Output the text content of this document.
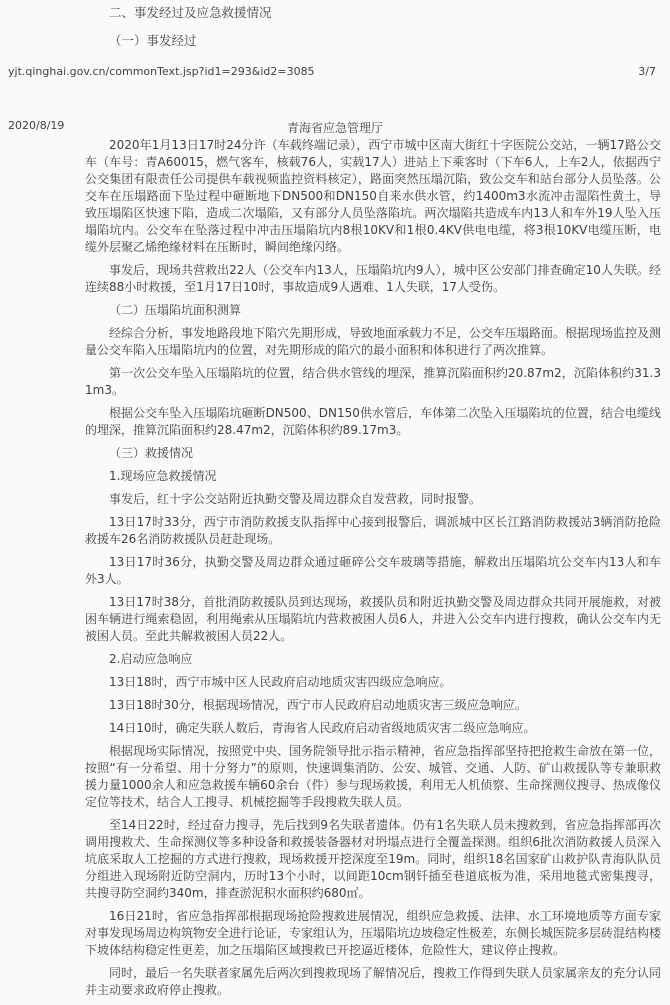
二、事发经过及应急救援情况

（一）事发经过

yjt.qinghai.gov.cn/commonText.jsp?id1=293&id2=3085	3/7
2020/8/19	青海省应急管理厅

2020年1月13日17时24分许（车载终端记录），西宁市城中区南大街红十字医院公交站，一辆17路公交车（车号：青A60015，燃气客车，核载76人，实载17人）进站上下乘客时（下车6人，上车2人，依据西宁公交集团有限责任公司提供车载视频监控资料核定），路面突然压塌沉陷，致公交车和站台部分人员坠落。公交车在压塌路面下坠过程中砸断地下DN500和DN150自来水供水管，约1400m3水流冲击湿陷性黄土，导致压塌陷区快速下陷，造成二次塌陷，又有部分人员坠落陷坑。两次塌陷共造成车内13人和车外19人坠入压塌陷坑内。公交车在坠落过程中冲击压塌陷坑内8根10KV和1根0.4KV供电电缆，将3根10KV电缆压断，电缆外层聚乙烯绝缘材料在压断时，瞬间绝缘闪络。

事发后，现场共营救出22人（公交车内13人，压塌陷坑内9人），城中区公安部门排查确定10人失联。经连续88小时救援，至1月17日10时，事故造成9人遇难、1人失联，17人受伤。

（二）压塌陷坑面积测算

经综合分析，事发地路段地下陷穴先期形成，导致地面承载力不足，公交车压塌路面。根据现场监控及测量公交车陷入压塌陷坑内的位置，对先期形成的陷穴的最小面积和体积进行了两次推算。

第一次公交车坠入压塌陷坑的位置，结合供水管线的埋深，推算沉陷面积约20.87m2，沉陷体积约31.31m3。

根据公交车坠入压塌陷坑砸断DN500、DN150供水管后，车体第二次坠入压塌陷坑的位置，结合电缆线的埋深，推算沉陷面积约28.47m2，沉陷体积约89.17m3。

（三）救援情况

1.现场应急救援情况

事发后，红十字公交站附近执勤交警及周边群众自发营救，同时报警。

13日17时33分，西宁市消防救援支队指挥中心接到报警后，调派城中区长江路消防救援站3辆消防抢险救援车26名消防救援队员赶赴现场。

13日17时36分，执勤交警及周边群众通过砸碎公交车玻璃等措施，解救出压塌陷坑公交车内13人和车外3人。

13日17时38分，首批消防救援队员到达现场，救援队员和附近执勤交警及周边群众共同开展施救，对被困车辆进行绳索稳固，利用绳索从压塌陷坑内营救被困人员6人，并进入公交车内进行搜救，确认公交车内无被困人员。至此共解救被困人员22人。

2.启动应急响应

13日18时，西宁市城中区人民政府启动地质灾害四级应急响应。

13日18时30分，根据现场情况，西宁市人民政府启动地质灾害三级应急响应。

14日10时，确定失联人数后，青海省人民政府启动省级地质灾害二级应急响应。

根据现场实际情况，按照党中央、国务院领导批示指示精神，省应急指挥部坚持把抢救生命放在第一位，按照“有一分希望、用十分努力”的原则，快速调集消防、公安、城管、交通、人防、矿山救援队等专兼职救援力量1000余人和应急救援车辆60余台（件）参与现场救援，利用无人机侦察、生命探测仪搜寻、热成像仪定位等技术，结合人工搜寻、机械挖掘等手段搜救失联人员。

至14日22时，经过奋力搜寻，先后找到9名失联者遗体。仍有1名失联人员未搜救到，省应急指挥部再次调用搜救犬、生命探测仪等多种设备和救援装备器材对坍塌点进行全覆盖探测。组织6批次消防救援人员深入坑底采取人工挖掘的方式进行搜救，现场救援开挖深度至19m。同时，组织18名国家矿山救护队青海队队员分组进入现场附近防空洞内，历时13个小时，以间距10cm钢钎插至巷道底板为准，采用地毯式密集搜寻，共搜寻防空洞约340m，排查淤泥积水面积约680㎡。

16日21时，省应急指挥部根据现场抢险搜救进展情况，组织应急救援、法律、水工环境地质等方面专家对事发现场周边构筑物安全进行论证，专家组认为，压塌陷坑边坡稳定性极差，东侧长城医院多层砖混结构楼下坡体结构稳定性更差，加之压塌陷区域搜救已开挖逼近楼体，危险性大，建议停止搜救。

同时，最后一名失联者家属先后两次到搜救现场了解情况后，搜救工作得到失联人员家属亲友的充分认同并主动要求政府停止搜救。
